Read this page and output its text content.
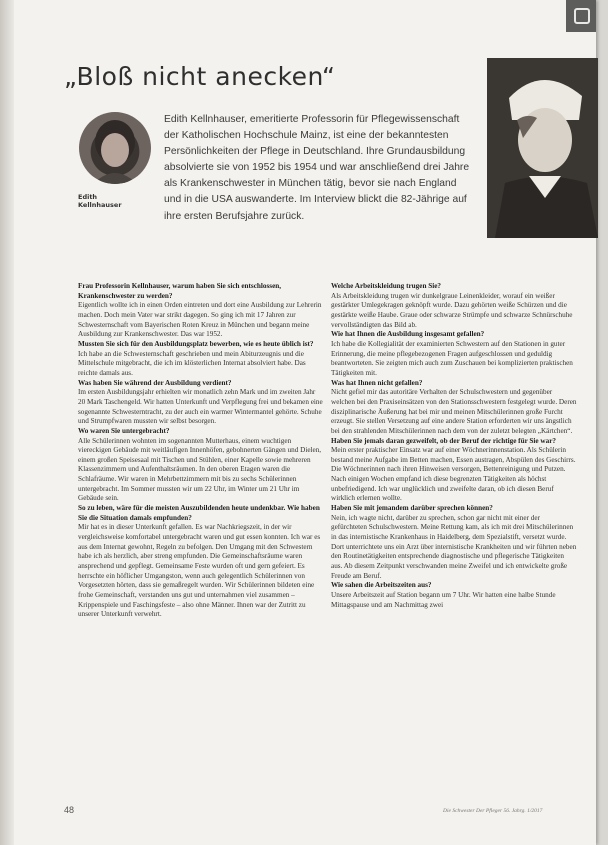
„Bloß nicht anecken“
Edith
Kellnhauser

Edith Kellnhauser, emeritierte Professorin für Pflegewissenschaft der Katholischen Hochschule Mainz, ist eine der bekanntesten Persönlichkeiten der Pflege in Deutschland. Ihre Grundausbildung absolvierte sie von 1952 bis 1954 und war anschließend drei Jahre als Krankenschwester in München tätig, bevor sie nach England und in die USA auswanderte. Im Interview blickt die 82-Jährige auf ihre ersten Berufsjahre zurück.

Frau Professorin Kellnhauser, warum haben Sie sich entschlossen, Krankenschwester zu werden?

Eigentlich wollte ich in einen Orden eintreten und dort eine Ausbildung zur Lehrerin machen. Doch mein Vater war strikt dagegen. So ging ich mit 17 Jahren zur Schwesternschaft vom Bayerischen Roten Kreuz in München und begann meine Ausbildung zur Krankenschwester. Das war 1952.

Mussten Sie sich für den Ausbildungsplatz bewerben, wie es heute üblich ist?

Ich habe an die Schwesternschaft geschrieben und mein Abiturzeugnis und die Mittelschule mitgebracht, die ich im klösterlichen Internat absolviert habe. Das reichte damals aus.

Was haben Sie während der Ausbildung verdient?

Im ersten Ausbildungsjahr erhielten wir monatlich zehn Mark und im zweiten Jahr 20 Mark Taschengeld. Wir hatten Unterkunft und Verpflegung frei und bekamen eine sogenannte Schwesterntracht, zu der auch ein warmer Wintermantel gehörte. Schuhe und Strumpfwaren mussten wir selbst besorgen.

Wo waren Sie untergebracht?

Alle Schülerinnen wohnten im sogenannten Mutterhaus, einem wuchtigen viereckigen Gebäude mit weitläufigen Innenhöfen, gebohnerten Gängen und Dielen, einem großen Speisesaal mit Tischen und Stühlen, einer Kapelle sowie mehreren Klassenzimmern und Aufenthaltsräumen. In den oberen Etagen waren die Schlafräume. Wir waren in Mehrbettzimmern mit bis zu sechs Schülerinnen untergebracht. Im Sommer mussten wir um 22 Uhr, im Winter um 21 Uhr im Gebäude sein.

So zu leben, wäre für die meisten Auszubildenden heute undenkbar. Wie haben Sie die Situation damals empfunden?

Mir hat es in dieser Unterkunft gefallen. Es war Nachkriegszeit, in der wir vergleichsweise komfortabel untergebracht waren und gut essen konnten. Ich war es aus dem Internat gewohnt, Regeln zu befolgen. Den Umgang mit den Schwestern habe ich als herzlich, aber streng empfunden. Die Gemeinschaftsräume waren ansprechend und gepflegt. Gemeinsame Feste wurden oft und gern gefeiert. Es herrschte ein höflicher Umgangston, wenn auch gelegentlich Schülerinnen von Vorgesetzten hörten, dass sie gemaßregelt wurden. Wir Schülerinnen bildeten eine frohe Gemeinschaft, verstanden uns gut und unternahmen viel zusammen – Krippenspiele und Faschingsfeste – also ohne Männer. Ihnen war der Zutritt zu unserer Unterkunft verwehrt.

Welche Arbeitskleidung trugen Sie?

Als Arbeitskleidung trugen wir dunkelgraue Leinenkleider, worauf ein weißer gestärkter Umlegekragen geknöpft wurde. Dazu gehörten weiße Schürzen und die gestärkte weiße Haube. Graue oder schwarze Strümpfe und schwarze Schnürschuhe vervollständigten das Bild ab.

Wie hat Ihnen die Ausbildung insgesamt gefallen?

Ich habe die Kollegialität der examinierten Schwestern auf den Stationen in guter Erinnerung, die meine pflegebezogenen Fragen aufgeschlossen und geduldig beantworteten. Sie zeigten mich auch zum Zuschauen bei komplizierten praktischen Tätigkeiten mit.

Was hat Ihnen nicht gefallen?

Nicht gefiel mir das autoritäre Verhalten der Schulschwestern und gegenüber welchen bei den Praxiseinsätzen von den Stationsschwestern festgelegt wurde. Deren disziplinarische Äußerung hat bei mir und meinen Mitschülerinnen große Furcht erzeugt. Sie stellen Versetzung auf eine andere Station erforderten wir uns ängstlich bei den strahlenden Mitschülerinnen nach dem von der zuletzt belegten „Kärtchen“.

Haben Sie jemals daran gezweifelt, ob der Beruf der richtige für Sie war?

Mein erster praktischer Einsatz war auf einer Wöchnerinnenstation. Als Schülerin bestand meine Aufgabe im Betten machen, Essen austragen, Abspülen des Geschirrs. Die Wöchnerinnen nach ihren Hinweisen versorgen, Bettenreinigung und Putzen. Nach einigen Wochen empfand ich diese begrenzten Tätigkeiten als höchst unbefriedigend. Ich war unglücklich und zweifelte daran, ob ich diesen Beruf wirklich erlernen wollte.

Haben Sie mit jemandem darüber sprechen können?

Nein, ich wagte nicht, darüber zu sprechen, schon gar nicht mit einer der gefürchteten Schulschwestern. Meine Rettung kam, als ich mit drei Mitschülerinnen in das internistische Krankenhaus in Haidelberg, dem Spezialstift, versetzt wurde. Dort unterrichtete uns ein Arzt über internistische Krankheiten und wir führten neben den Routinetätigkeiten entsprechende diagnostische und pflegerische Tätigkeiten aus. Ab diesem Zeitpunkt verschwanden meine Zweifel und ich entwickelte große Freude am Beruf.

Wie sahen die Arbeitszeiten aus?

Unsere Arbeitszeit auf Station begann um 7 Uhr. Wir hatten eine halbe Stunde Mittagspause und am Nachmittag zwei

48	Die Schwester Der Pfleger 56. Jahrg. 1/2017
